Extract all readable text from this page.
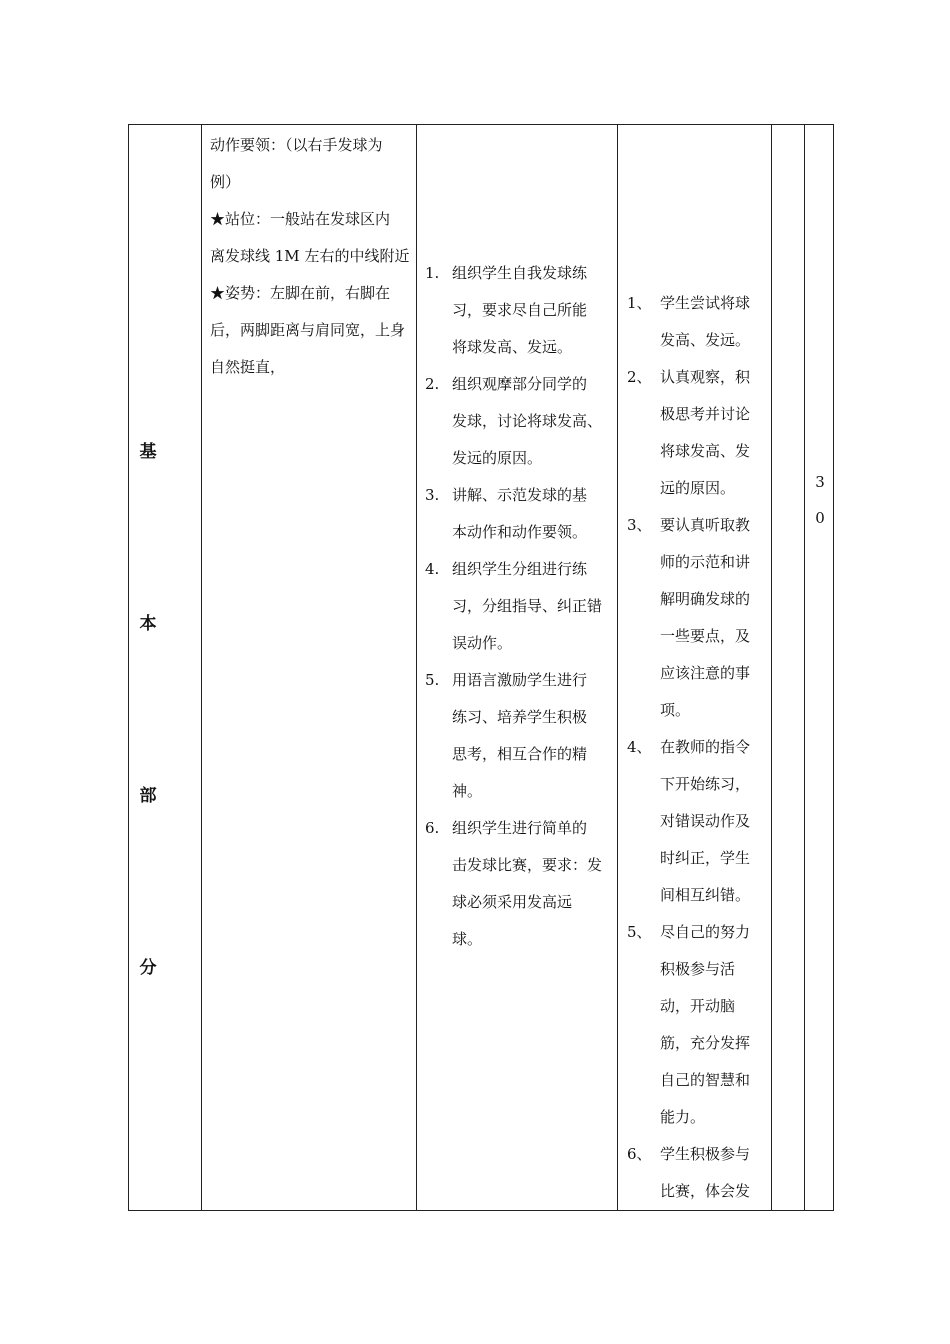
基
本
部
分
动作要领：（以右手发球为
例）
★站位：一般站在发球区内
离发球线 1M 左右的中线附近
★姿势：左脚在前，右脚在
后，两脚距离与肩同宽，上身
自然挺直，
1. 组织学生自我发球练
习，要求尽自己所能
将球发高、发远。
2. 组织观摩部分同学的
发球，讨论将球发高、
发远的原因。
3. 讲解、示范发球的基
本动作和动作要领。
4. 组织学生分组进行练
习，分组指导、纠正错
误动作。
5. 用语言激励学生进行
练习、培养学生积极
思考，相互合作的精
神。
6. 组织学生进行简单的
击发球比赛，要求：发
球必须采用发高远
球。
1、 学生尝试将球
发高、发远。
2、 认真观察，积
极思考并讨论
将球发高、发
远的原因。
3、 要认真听取教
师的示范和讲
解明确发球的
一些要点，及
应该注意的事
项。
4、 在教师的指令
下开始练习，
对错误动作及
时纠正，学生
间相互纠错。
5、 尽自己的努力
积极参与活
动，开动脑
筋，充分发挥
自己的智慧和
能力。
6、 学生积极参与
比赛，体会发
3
0
